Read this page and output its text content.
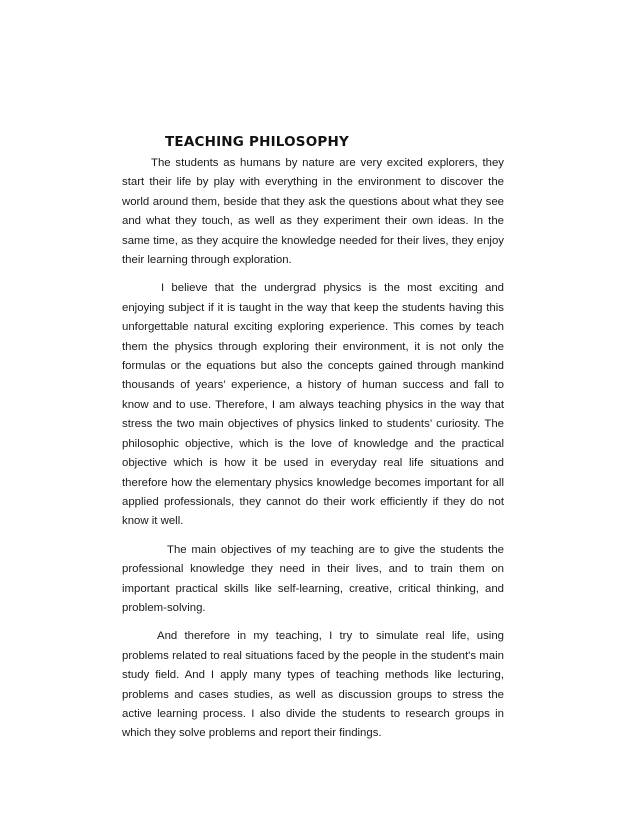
TEACHING PHILOSOPHY

The students as humans by nature are very excited explorers, they start their life by play with everything in the environment to discover the world around them, beside that they ask the questions about what they see and what they touch, as well as they experiment their own ideas. In the same time, as they acquire the knowledge needed for their lives, they enjoy their learning through exploration.

I believe that the undergrad physics is the most exciting and enjoying subject if it is taught in the way that keep the students having this unforgettable natural exciting exploring experience. This comes by teach them the physics through exploring their environment, it is not only the formulas or the equations but also the concepts gained through mankind thousands of years’ experience, a history of human success and fall to know and to use. Therefore, I am always teaching physics in the way that stress the two main objectives of physics linked to students’ curiosity. The philosophic objective, which is the love of knowledge and the practical objective which is how it be used in everyday real life situations and therefore how the elementary physics knowledge becomes important for all applied professionals, they cannot do their work efficiently if they do not know it well.

The main objectives of my teaching are to give the students the professional knowledge they need in their lives, and to train them on important practical skills like self-learning, creative, critical thinking, and problem-solving.

And therefore in my teaching, I try to simulate real life, using problems related to real situations faced by the people in the student's main study field. And I apply many types of teaching methods like lecturing, problems and cases studies, as well as discussion groups to stress the active learning process. I also divide the students to research groups in which they solve problems and report their findings.
